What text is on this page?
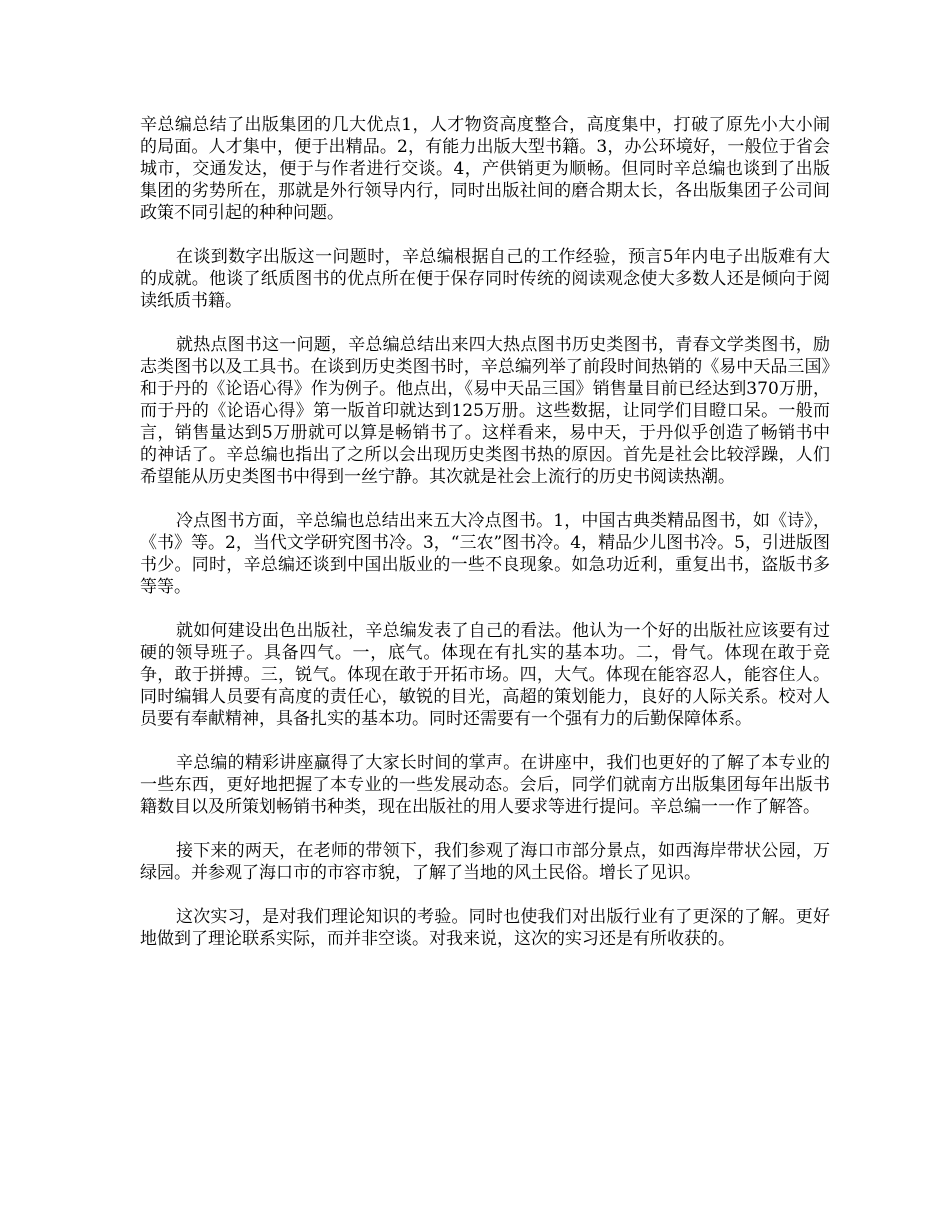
辛总编总结了出版集团的几大优点1，人才物资高度整合，高度集中，打破了原先小大小闹的局面。人才集中，便于出精品。2，有能力出版大型书籍。3，办公环境好，一般位于省会城市，交通发达，便于与作者进行交谈。4，产供销更为顺畅。但同时辛总编也谈到了出版集团的劣势所在，那就是外行领导内行，同时出版社间的磨合期太长，各出版集团子公司间政策不同引起的种种问题。

在谈到数字出版这一问题时，辛总编根据自己的工作经验，预言5年内电子出版难有大的成就。他谈了纸质图书的优点所在便于保存同时传统的阅读观念使大多数人还是倾向于阅读纸质书籍。

就热点图书这一问题，辛总编总结出来四大热点图书历史类图书，青春文学类图书，励志类图书以及工具书。在谈到历史类图书时，辛总编列举了前段时间热销的《易中天品三国》和于丹的《论语心得》作为例子。他点出，《易中天品三国》销售量目前已经达到370万册，而于丹的《论语心得》第一版首印就达到125万册。这些数据，让同学们目瞪口呆。一般而言，销售量达到5万册就可以算是畅销书了。这样看来，易中天，于丹似乎创造了畅销书中的神话了。辛总编也指出了之所以会出现历史类图书热的原因。首先是社会比较浮躁，人们希望能从历史类图书中得到一丝宁静。其次就是社会上流行的历史书阅读热潮。

冷点图书方面，辛总编也总结出来五大冷点图书。1，中国古典类精品图书，如《诗》，《书》等。2，当代文学研究图书冷。3，“三农”图书冷。4，精品少儿图书冷。5，引进版图书少。同时，辛总编还谈到中国出版业的一些不良现象。如急功近利，重复出书，盗版书多等等。

就如何建设出色出版社，辛总编发表了自己的看法。他认为一个好的出版社应该要有过硬的领导班子。具备四气。一，底气。体现在有扎实的基本功。二，骨气。体现在敢于竞争，敢于拼搏。三，锐气。体现在敢于开拓市场。四，大气。体现在能容忍人，能容住人。同时编辑人员要有高度的责任心，敏锐的目光，高超的策划能力，良好的人际关系。校对人员要有奉献精神，具备扎实的基本功。同时还需要有一个强有力的后勤保障体系。

辛总编的精彩讲座赢得了大家长时间的掌声。在讲座中，我们也更好的了解了本专业的一些东西，更好地把握了本专业的一些发展动态。会后，同学们就南方出版集团每年出版书籍数目以及所策划畅销书种类，现在出版社的用人要求等进行提问。辛总编一一作了解答。

接下来的两天，在老师的带领下，我们参观了海口市部分景点，如西海岸带状公园，万绿园。并参观了海口市的市容市貌，了解了当地的风土民俗。增长了见识。

这次实习，是对我们理论知识的考验。同时也使我们对出版行业有了更深的了解。更好地做到了理论联系实际，而并非空谈。对我来说，这次的实习还是有所收获的。
